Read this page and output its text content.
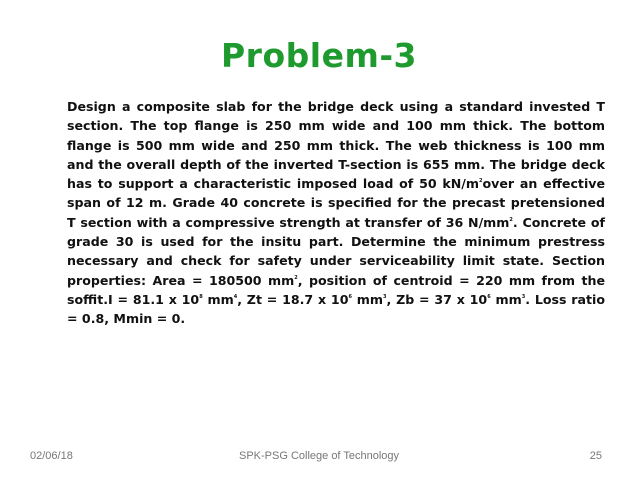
Problem-3

Design a composite slab for the bridge deck using a standard invested T section. The top flange is 250 mm wide and 100 mm thick. The bottom flange is 500 mm wide and 250 mm thick. The web thickness is 100 mm and the overall depth of the inverted T-section is 655 mm. The bridge deck has to support a characteristic imposed load of 50 $kN/m^2over$ an effective span of 12 m. Grade 40 concrete is specified for the precast pretensioned T section with a compressive strength at transfer of 36 $N/mm^2$. Concrete of grade 30 is used for the insitu part. Determine the minimum prestress necessary and check for safety under serviceability limit state. Section properties: Area = 180500 $mm^2$, position of centroid = 220 mm from the soffit.I = 81.1 x $10^8$ $mm^4$, Zt = 18.7 x $10^6$ $mm^3$, Zb = 37 x $10^6$ $mm^3$. Loss ratio = 0.8, Mmin = 0.

02/06/18	SPK-PSG College of Technology	25
